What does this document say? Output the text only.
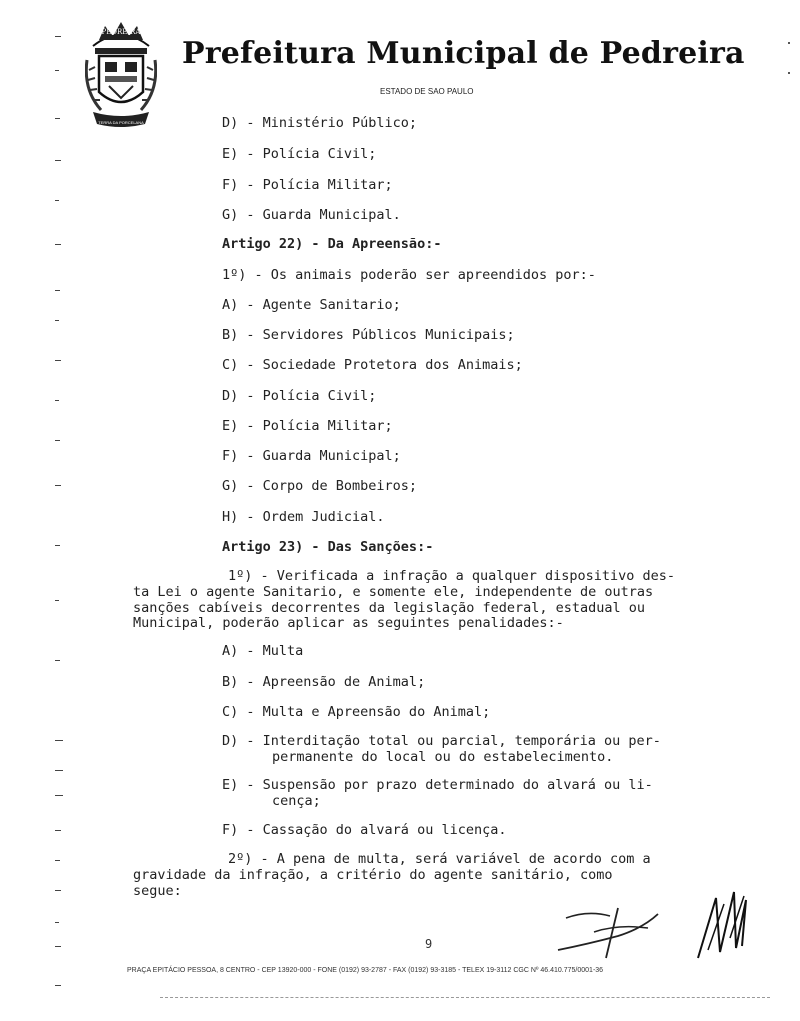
PEDREIRA
TERRA DA PORCELANA
Prefeitura Municipal de Pedreira
ESTADO DE SAO PAULO
D) - Ministério Público;
E) - Polícia Civil;
F) - Polícia Militar;
G) - Guarda Municipal.
Artigo 22) - Da Apreensão:-
1º) - Os animais poderão ser apreendidos por:-
A) - Agente Sanitario;
B) - Servidores Públicos Municipais;
C) - Sociedade Protetora dos Animais;
D) - Polícia Civil;
E) - Polícia Militar;
F) - Guarda Municipal;
G) - Corpo de Bombeiros;
H) - Ordem Judicial.
Artigo 23) - Das Sanções:-
1º) - Verificada a infração a qualquer dispositivo des-
ta Lei o agente Sanitario, e somente ele, independente de outras
sanções cabíveis decorrentes da legislação federal, estadual ou
Municipal, poderão aplicar as seguintes penalidades:-
A) - Multa
B) - Apreensão de Animal;
C) - Multa e Apreensão do Animal;
D) - Interditação total ou parcial, temporária ou per-
permanente do local ou do estabelecimento.
E) - Suspensão por prazo determinado do alvará ou li-
cença;
F) - Cassação do alvará ou licença.
2º) - A pena de multa, será variável de acordo com a
gravidade da infração, a critério do agente sanitário, como
segue:
9
PRAÇA EPITÁCIO PESSOA, 8 CENTRO - CEP 13920-000 - FONE (0192) 93-2787 - FAX (0192) 93-3185 - TELEX 19-3112 CGC Nº 46.410.775/0001-36
